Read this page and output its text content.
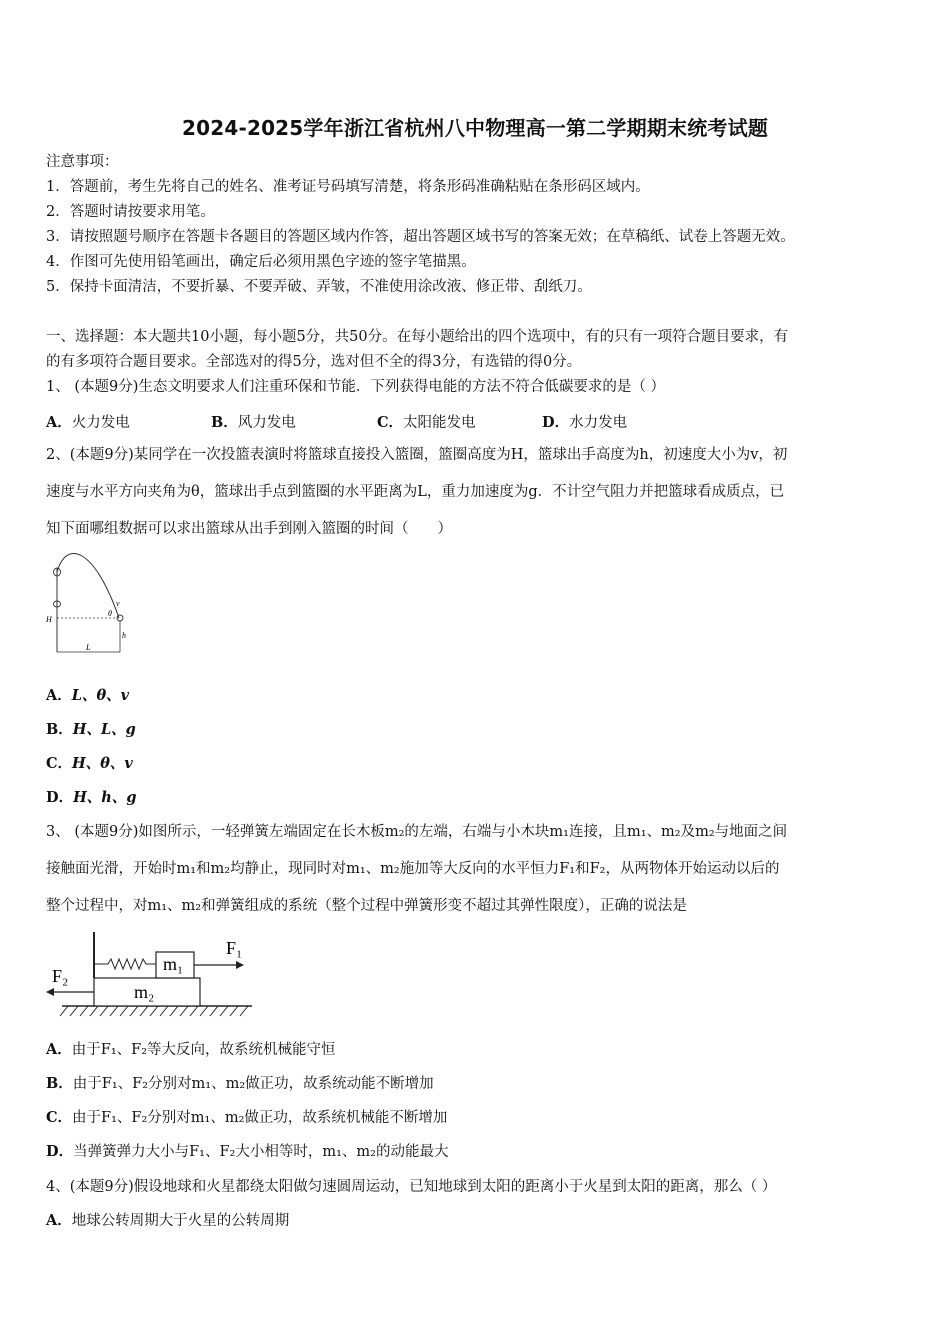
2024-2025学年浙江省杭州八中物理高一第二学期期末统考试题
注意事项：
1．答题前，考生先将自己的姓名、准考证号码填写清楚，将条形码准确粘贴在条形码区域内。
2．答题时请按要求用笔。
3．请按照题号顺序在答题卡各题目的答题区域内作答，超出答题区域书写的答案无效；在草稿纸、试卷上答题无效。
4．作图可先使用铅笔画出，确定后必须用黑色字迹的签字笔描黑。
5．保持卡面清洁，不要折暴、不要弄破、弄皱，不准使用涂改液、修正带、刮纸刀。
一、选择题：本大题共10小题，每小题5分，共50分。在每小题给出的四个选项中，有的只有一项符合题目要求，有
的有多项符合题目要求。全部选对的得5分，选对但不全的得3分，有选错的得0分。
1、 (本题9分)生态文明要求人们注重环保和节能．下列获得电能的方法不符合低碳要求的是（ ）
A．火力发电	B．风力发电	C．太阳能发电	D．水力发电
2、(本题9分)某同学在一次投篮表演时将篮球直接投入篮圈，篮圈高度为H，篮球出手高度为h，初速度大小为v，初
速度与水平方向夹角为θ，篮球出手点到篮圈的水平距离为L，重力加速度为g．不计空气阻力并把篮球看成质点，已
知下面哪组数据可以求出篮球从出手到刚入篮圈的时间（　　）
H
L
h
v
θ
A．L、θ、v
B．H、L、g
C．H、θ、v
D．H、h、g
3、 (本题9分)如图所示，一轻弹簧左端固定在长木板m₂的左端，右端与小木块m₁连接，且m₁、m₂及m₂与地面之间
接触面光滑，开始时m₁和m₂均静止，现同时对m₁、m₂施加等大反向的水平恒力F₁和F₂，从两物体开始运动以后的
整个过程中，对m₁、m₂和弹簧组成的系统（整个过程中弹簧形变不超过其弹性限度），正确的说法是
m₁
m₂
F₁
F₂
A．由于F₁、F₂等大反向，故系统机械能守恒
B．由于F₁、F₂分别对m₁、m₂做正功，故系统动能不断增加
C．由于F₁、F₂分别对m₁、m₂做正功，故系统机械能不断增加
D．当弹簧弹力大小与F₁、F₂大小相等时，m₁、m₂的动能最大
4、(本题9分)假设地球和火星都绕太阳做匀速圆周运动，已知地球到太阳的距离小于火星到太阳的距离，那么（ ）
A．地球公转周期大于火星的公转周期
